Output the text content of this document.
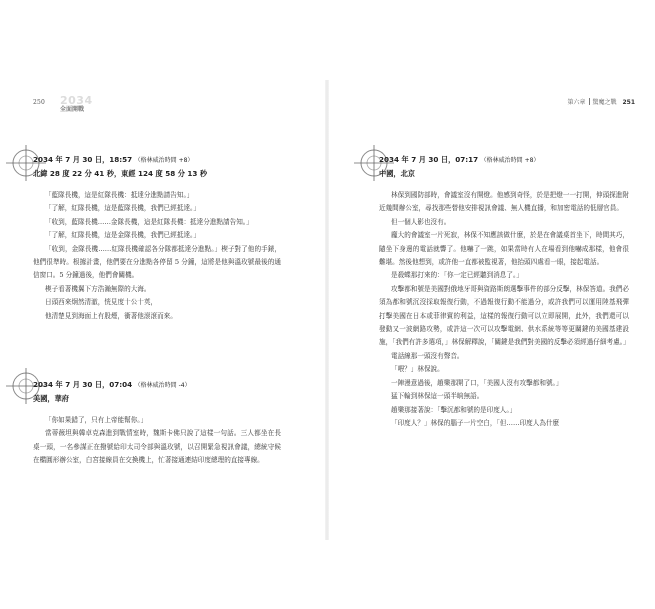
250 2034
全面開戰
2034 年 7 月 30 日，18:57 （格林威治時間 +8）
北緯 28 度 22 分 41 秒，東經 124 度 58 分 13 秒

「藍隊長機，這是紅隊長機：抵達分進點請告知。」

「了解，紅隊長機，這是藍隊長機，我們已經抵達。」

「收到，藍隊長機……金隊長機，這是紅隊長機：抵達分進點請告知。」

「了解，紅隊長機，這是金隊長機，我們已經抵達。」

「收到，金隊長機……紅隊長機確認各分隊都抵達分進點。」楔子對了他的手錶，他們很準時。根據計畫，他們要在分進點各停留 5 分鐘，這將是他與溫玫號最後的通信窗口。5 分鐘過後，他們會關機。

楔子看著機翼下方浩瀚無際的大海。

日頭西來炯然清澈，恍見度十公十英，

他清楚見到海面上有股煙，衝著他滾滾而來。

2034 年 7 月 30 日，07:04 （格林威治時間 -4）
美國，華府

「你如果錯了，只有上帝能幫你。」

當蒂薇坦與韓卓克森進到戰情室時，魏斯卡佛只說了這樣一句話。三人都坐在長桌一頭，一名參謀正在撥號給印太司令部與溫玫號，以召開緊急視訊會議，總統守候在橢圓形辦公室，白宮接線員在交換機上，忙著接通連結印度總理的直接專線。

第六章 驚魔之戰 251
2034 年 7 月 30 日，07:17 （格林威治時間 +8）
中國，北京

林保到國防部時，會議室沒有開燈。他感到奇怪，於是把燈一一打開，伸頭探進附近幾間辦公室，尋找那些替他安排視訊會議、無人機直播，和加密電話的低層官員。

但一個人影也沒有。

龐大的會議室一片死寂，林保不知應該做什麼，於是在會議桌首坐下，時間其巧，隨坐下身邊的電話就響了。他嚇了一跳，如果當時有人在場看到他嚇成那樣，他會很難堪。然後他想到，或許他一直都被監視著，他抬頭四處看一眼，接起電話。

是殺蝶那打來的：「你一定已經聽到消息了。」

攻擊都和號是美國對俄地牙哥與資路斯朗選擊事件的部分反擊，林保答道。我們必須為都和號沉沒採取報復行動，不過報復行動不能過分，或許我們可以運用陸基飛彈打擊美國在日本或菲律賓的利益，這樣的報復行動可以立即展開，此外，我們還可以發動又一波網路攻勢，或許這一次可以攻擊電網、供水系統等等更關鍵的美國基建設施，「我們有許多選項，」林保解釋說，「關鍵是我們對美國的反擊必須經過仔細考慮。」

電話線那一頭沒有聲音。

「喂？」林保說。

一陣漫意過後，趙樂那開了口，「美國人沒有攻擊都和號。」

猛下輪到林保這一頭半晌無語。

趙樂那接著說：「擊沉都和號的是印度人。」

「印度人？」林保的腦子一片空白，「但……印度人為什麼
